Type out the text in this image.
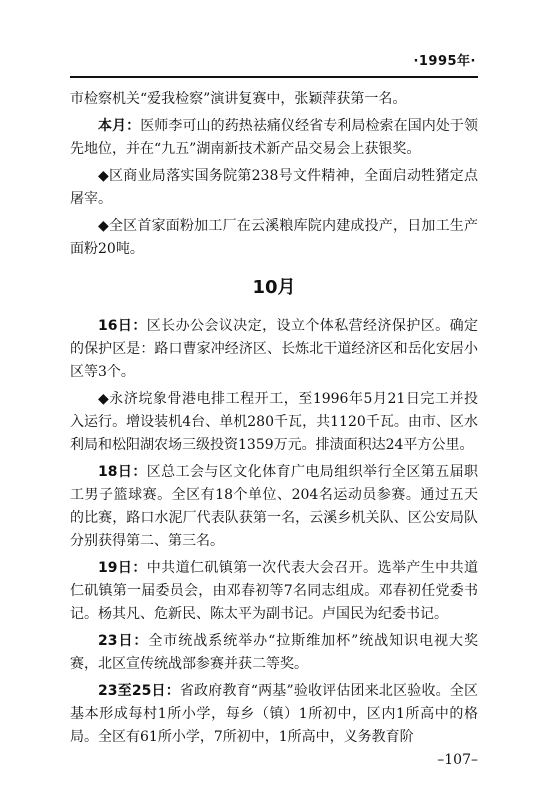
·1995年·

市检察机关“爱我检察”演讲复赛中，张颖萍获第一名。

本月：医师李可山的药热祛痛仪经省专利局检索在国内处于领先地位，并在“九五”湖南新技术新产品交易会上获银奖。

◆区商业局落实国务院第238号文件精神，全面启动牲猪定点屠宰。

◆全区首家面粉加工厂在云溪粮库院内建成投产，日加工生产面粉20吨。

10月

16日：区长办公会议决定，设立个体私营经济保护区。确定的保护区是：路口曹家冲经济区、长炼北干道经济区和岳化安居小区等3个。

◆永济垸象骨港电排工程开工，至1996年5月21日完工并投入运行。增设装机4台、单机280千瓦，共1120千瓦。由市、区水利局和松阳湖农场三级投资1359万元。排渍面积达24平方公里。

18日：区总工会与区文化体育广电局组织举行全区第五届职工男子篮球赛。全区有18个单位、204名运动员参赛。通过五天的比赛，路口水泥厂代表队获第一名，云溪乡机关队、区公安局队分别获得第二、第三名。

19日：中共道仁矶镇第一次代表大会召开。选举产生中共道仁矶镇第一届委员会，由邓春初等7名同志组成。邓春初任党委书记。杨其凡、危新民、陈太平为副书记。卢国民为纪委书记。

23日：全市统战系统举办“拉斯维加杯”统战知识电视大奖赛，北区宣传统战部参赛并获二等奖。

23至25日：省政府教育“两基”验收评估团来北区验收。全区基本形成每村1所小学，每乡（镇）1所初中，区内1所高中的格局。全区有61所小学，7所初中，1所高中，义务教育阶

–107–
